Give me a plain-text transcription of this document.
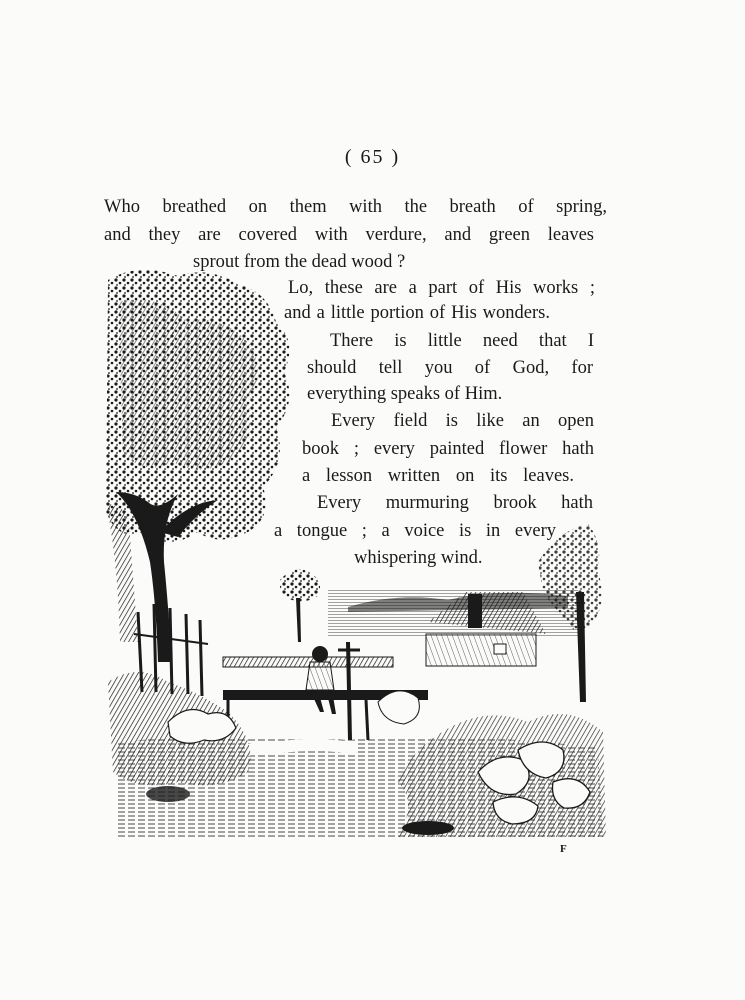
( 65 )
Who breathed on them with the breath of spring,
and they are covered with verdure, and green leaves
sprout from the dead wood ?
Lo, these are a part of His works ;
and a little portion of His wonders.
There is little need that I
should tell you of God, for
everything speaks of Him.
Every field is like an open
book ; every painted flower hath
a lesson written on its leaves.
Every murmuring brook hath
a tongue ; a voice is in every
whispering wind.
F
